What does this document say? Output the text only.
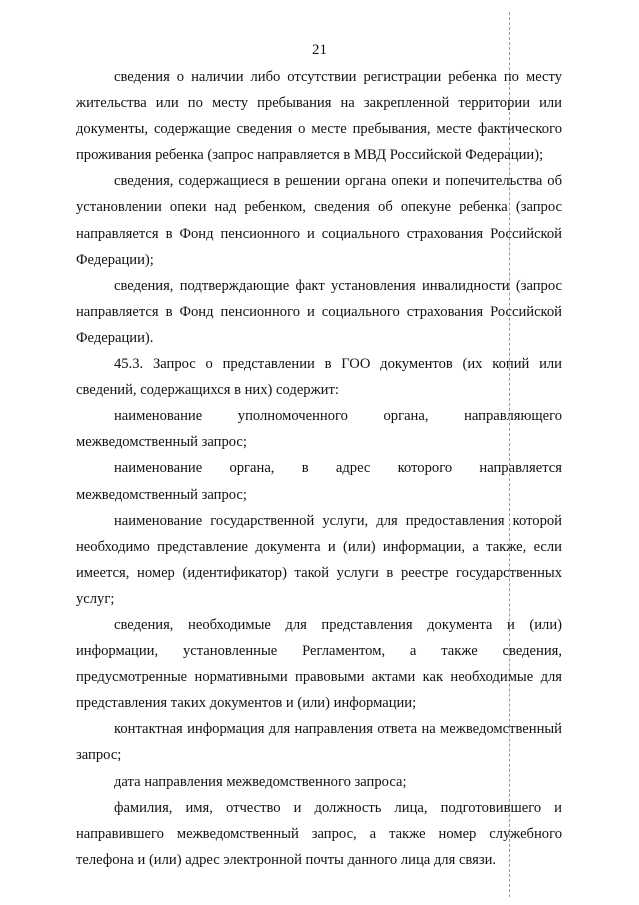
21

сведения о наличии либо отсутствии регистрации ребенка по месту жительства или по месту пребывания на закрепленной территории или документы, содержащие сведения о месте пребывания, месте фактического проживания ребенка (запрос направляется в МВД Российской Федерации);

сведения, содержащиеся в решении органа опеки и попечительства об установлении опеки над ребенком, сведения об опекуне ребенка (запрос направляется в Фонд пенсионного и социального страхования Российской Федерации);

сведения, подтверждающие факт установления инвалидности (запрос направляется в Фонд пенсионного и социального страхования Российской Федерации).

45.3. Запрос о представлении в ГОО документов (их копий или сведений, содержащихся в них) содержит:

наименование уполномоченного органа, направляющего межведомственный запрос;

наименование органа, в адрес которого направляется межведомственный запрос;

наименование государственной услуги, для предоставления которой необходимо представление документа и (или) информации, а также, если имеется, номер (идентификатор) такой услуги в реестре государственных услуг;

сведения, необходимые для представления документа и (или) информации, установленные Регламентом, а также сведения, предусмотренные нормативными правовыми актами как необходимые для представления таких документов и (или) информации;

контактная информация для направления ответа на межведомственный запрос;

дата направления межведомственного запроса;

фамилия, имя, отчество и должность лица, подготовившего и направившего межведомственный запрос, а также номер служебного телефона и (или) адрес электронной почты данного лица для связи.
